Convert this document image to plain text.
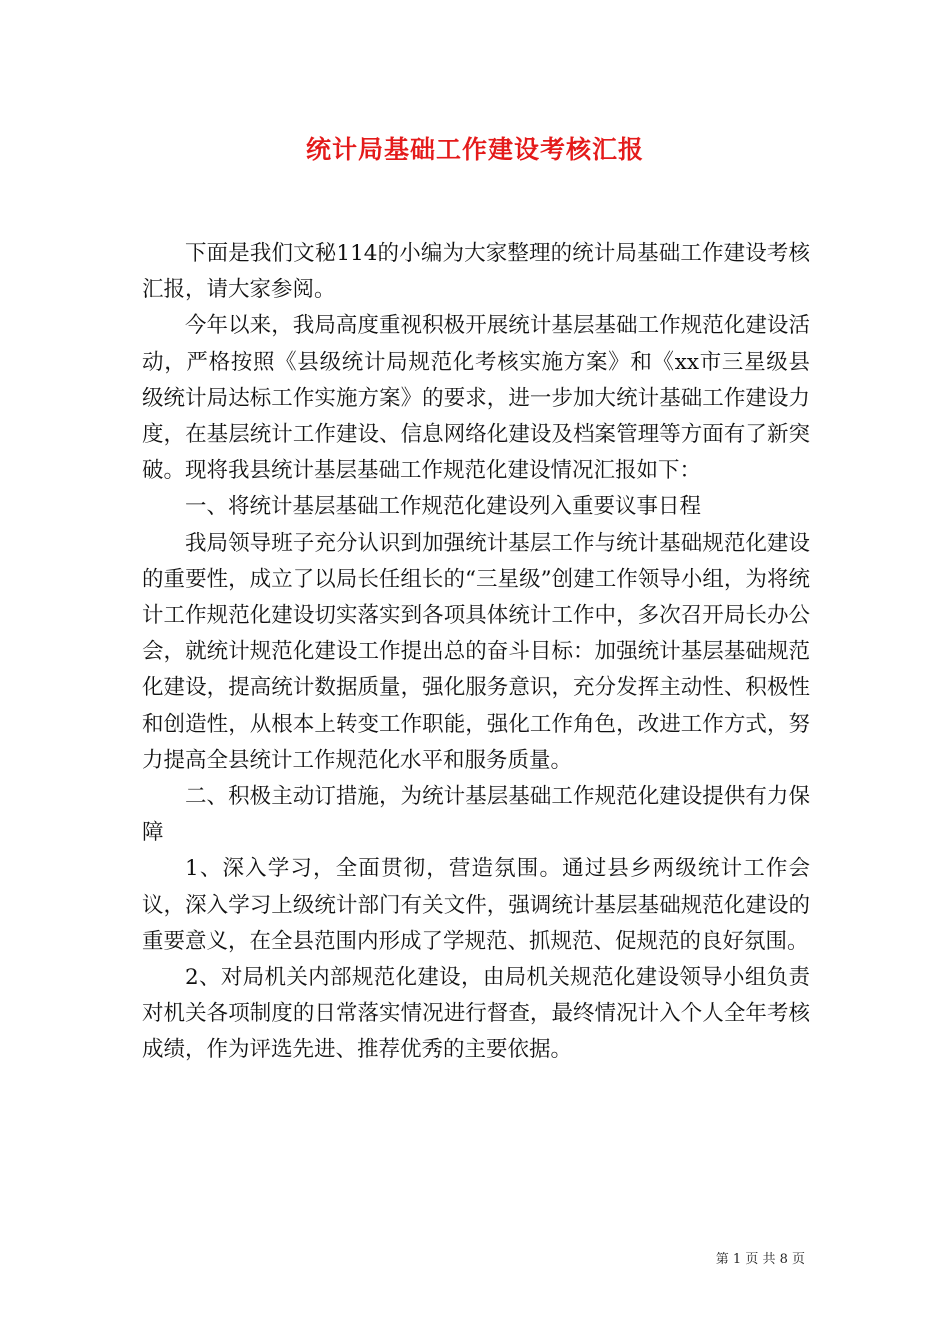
统计局基础工作建设考核汇报

下面是我们文秘114的小编为大家整理的统计局基础工作建设考核汇报，请大家参阅。

今年以来，我局高度重视积极开展统计基层基础工作规范化建设活动，严格按照《县级统计局规范化考核实施方案》和《xx市三星级县级统计局达标工作实施方案》的要求，进一步加大统计基础工作建设力度，在基层统计工作建设、信息网络化建设及档案管理等方面有了新突破。现将我县统计基层基础工作规范化建设情况汇报如下：

一、将统计基层基础工作规范化建设列入重要议事日程

我局领导班子充分认识到加强统计基层工作与统计基础规范化建设的重要性，成立了以局长任组长的“三星级”创建工作领导小组，为将统计工作规范化建设切实落实到各项具体统计工作中，多次召开局长办公会，就统计规范化建设工作提出总的奋斗目标：加强统计基层基础规范化建设，提高统计数据质量，强化服务意识，充分发挥主动性、积极性和创造性，从根本上转变工作职能，强化工作角色，改进工作方式，努力提高全县统计工作规范化水平和服务质量。

二、积极主动订措施，为统计基层基础工作规范化建设提供有力保障

1、深入学习，全面贯彻，营造氛围。通过县乡两级统计工作会议，深入学习上级统计部门有关文件，强调统计基层基础规范化建设的重要意义，在全县范围内形成了学规范、抓规范、促规范的良好氛围。

2、对局机关内部规范化建设，由局机关规范化建设领导小组负责对机关各项制度的日常落实情况进行督查，最终情况计入个人全年考核成绩，作为评选先进、推荐优秀的主要依据。

第 1 页 共 8 页
